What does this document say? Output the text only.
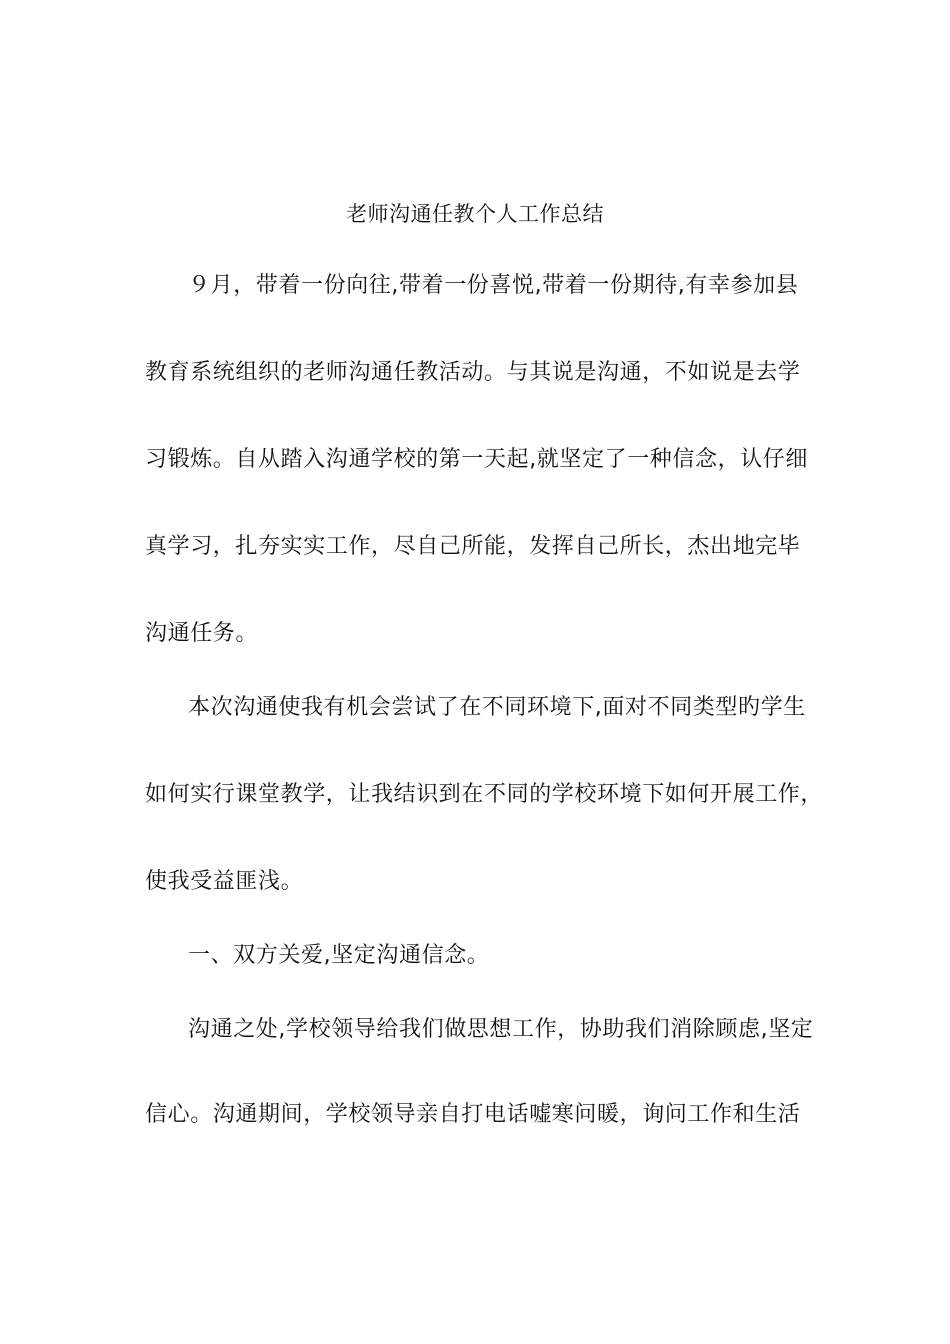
老师沟通任教个人工作总结
９月，带着一份向往,带着一份喜悦,带着一份期待,有幸参加县
教育系统组织的老师沟通任教活动。与其说是沟通，不如说是去学
习锻炼。自从踏入沟通学校的第一天起,就坚定了一种信念，认仔细
真学习，扎夯实实工作，尽自己所能，发挥自己所长，杰出地完毕
沟通任务。
本次沟通使我有机会尝试了在不同环境下,面对不同类型旳学生
如何实行课堂教学，让我结识到在不同的学校环境下如何开展工作，
使我受益匪浅。
一、双方关爱,坚定沟通信念。
沟通之处,学校领导给我们做思想工作，协助我们消除顾虑,坚定
信心。沟通期间，学校领导亲自打电话嘘寒问暖，询问工作和生活
